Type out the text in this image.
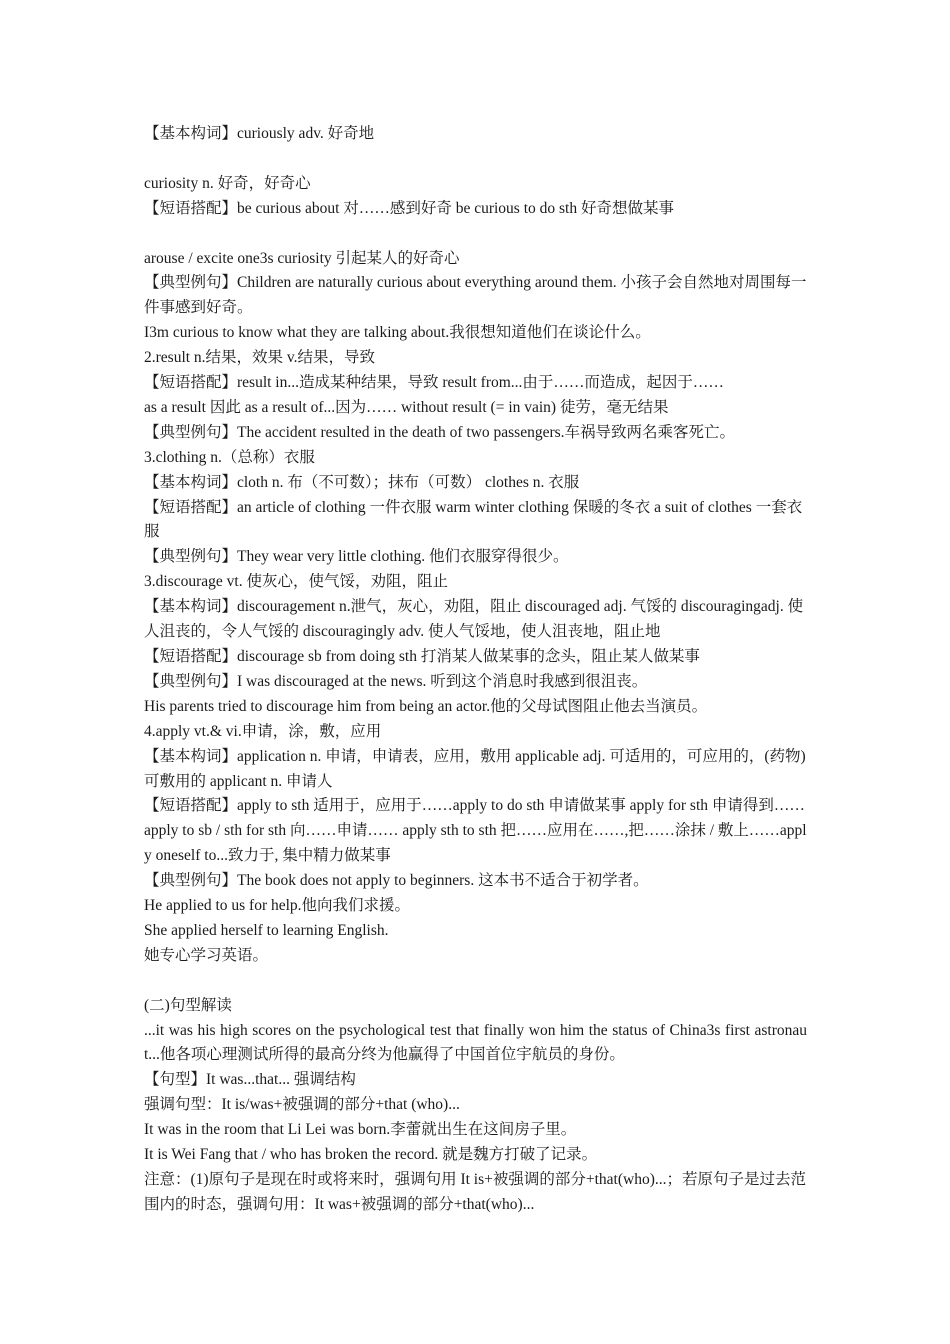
【基本构词】curiously adv. 好奇地

curiosity n. 好奇，好奇心

【短语搭配】be curious about 对……感到好奇 be curious to do sth 好奇想做某事

arouse / excite one3s curiosity 引起某人的好奇心

【典型例句】Children are naturally curious about everything around them. 小孩子会自然地对周围每一件事感到好奇。

I3m curious to know what they are talking about.我很想知道他们在谈论什么。

2.result n.结果，效果 v.结果，导致

【短语搭配】result in...造成某种结果，导致 result from...由于……而造成，起因于……

as a result 因此 as a result of...因为…… without result (= in vain) 徒劳，毫无结果

【典型例句】The accident resulted in the death of two passengers.车祸导致两名乘客死亡。

3.clothing n.（总称）衣服

【基本构词】cloth n. 布（不可数）；抹布（可数） clothes n. 衣服

【短语搭配】an article of clothing 一件衣服 warm winter clothing 保暖的冬衣 a suit of clothes 一套衣服

【典型例句】They wear very little clothing. 他们衣服穿得很少。

3.discourage vt. 使灰心，使气馁，劝阻，阻止

【基本构词】discouragement n.泄气，灰心，劝阻，阻止 discouraged adj. 气馁的 discouragingadj. 使人沮丧的，令人气馁的 discouragingly adv. 使人气馁地，使人沮丧地，阻止地

【短语搭配】discourage sb from doing sth 打消某人做某事的念头，阻止某人做某事

【典型例句】I was discouraged at the news. 听到这个消息时我感到很沮丧。

His parents tried to discourage him from being an actor.他的父母试图阻止他去当演员。

4.apply vt.& vi.申请，涂，敷，应用

【基本构词】application n. 申请，申请表，应用，敷用 applicable adj. 可适用的，可应用的，(药物)可敷用的 applicant n. 申请人

【短语搭配】apply to sth 适用于，应用于……apply to do sth 申请做某事 apply for sth 申请得到……apply to sb / sth for sth 向……申请…… apply sth to sth 把……应用在……,把……涂抹 / 敷上……apply oneself to...致力于, 集中精力做某事

【典型例句】The book does not apply to beginners. 这本书不适合于初学者。

He applied to us for help.他向我们求援。

She applied herself to learning English.

她专心学习英语。

(二)句型解读

...it was his high scores on the psychological test that finally won him the status of China3s first astronaut...他各项心理测试所得的最高分终为他赢得了中国首位宇航员的身份。

【句型】It was...that... 强调结构

强调句型：It is/was+被强调的部分+that (who)...

It was in the room that Li Lei was born.李蕾就出生在这间房子里。

It is Wei Fang that / who has broken the record. 就是魏方打破了记录。

注意：(1)原句子是现在时或将来时，强调句用 It is+被强调的部分+that(who)...；若原句子是过去范围内的时态，强调句用：It was+被强调的部分+that(who)...
